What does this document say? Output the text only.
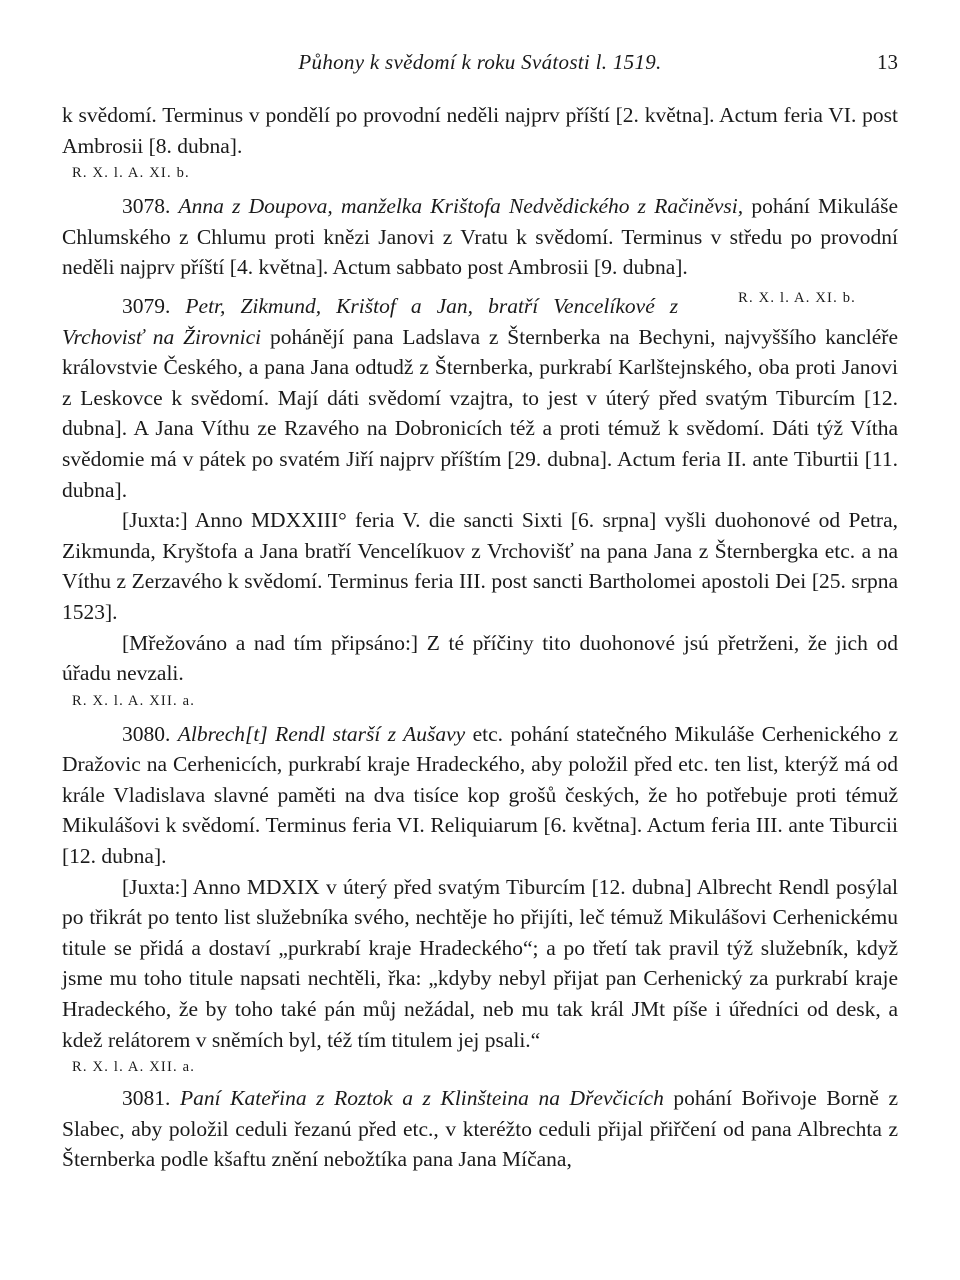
Půhony k svědomí k roku Svátosti l. 1519.	13

k svědomí. Terminus v pondělí po provodní neděli najprv příští [2. května]. Actum feria VI. post Ambrosii [8. dubna].

R. X. l. A. XI. b.

3078. Anna z Doupova, manželka Krištofa Nedvědického z Račiněvsi, pohání Mikuláše Chlumského z Chlumu proti knězi Janovi z Vratu k svědomí. Terminus v středu po provodní neděli najprv příští [4. května]. Actum sabbato post Ambrosii [9. dubna].
R. X. l. A. XI. b.

3079. Petr, Zikmund, Krištof a Jan, bratří Vencelíkové z Vrchovisť na Žirovnici pohánějí pana Ladslava z Šternberka na Bechyni, najvyššího kancléře královstvie Českého, a pana Jana odtudž z Šternberka, purkrabí Karlštejnského, oba proti Janovi z Leskovce k svědomí. Mají dáti svědomí vzajtra, to jest v úterý před svatým Tiburcím [12. dubna]. A Jana Víthu ze Rzavého na Dobronicích též a proti témuž k svědomí. Dáti týž Vítha svědomie má v pátek po svatém Jiří najprv příštím [29. dubna]. Actum feria II. ante Tiburtii [11. dubna].

[Juxta:] Anno MDXXIII° feria V. die sancti Sixti [6. srpna] vyšli duohonové od Petra, Zikmunda, Kryštofa a Jana bratří Vencelíkuov z Vrchovišť na pana Jana z Šternbergka etc. a na Víthu z Zerzavého k svědomí. Terminus feria III. post sancti Bartholomei apostoli Dei [25. srpna 1523].

[Mřežováno a nad tím připsáno:] Z té příčiny tito duohonové jsú přetrženi, že jich od úřadu nevzali.

R. X. l. A. XII. a.

3080. Albrech[t] Rendl starší z Aušavy etc. pohání statečného Mikuláše Cerhenického z Dražovic na Cerhenicích, purkrabí kraje Hradeckého, aby položil před etc. ten list, kterýž má od krále Vladislava slavné paměti na dva tisíce kop grošů českých, že ho potřebuje proti témuž Mikulášovi k svědomí. Terminus feria VI. Reliquiarum [6. května]. Actum feria III. ante Tiburcii [12. dubna].

[Juxta:] Anno MDXIX v úterý před svatým Tiburcím [12. dubna] Albrecht Rendl posýlal po třikrát po tento list služebníka svého, nechtěje ho přijíti, leč témuž Mikulášovi Cerhenickému titule se přidá a dostaví „purkrabí kraje Hradeckého“; a po třetí tak pravil týž služebník, když jsme mu toho titule napsati nechtěli, řka: „kdyby nebyl přijat pan Cerhenický za purkrabí kraje Hradeckého, že by toho také pán můj nežádal, neb mu tak král JMt píše i úředníci od desk, a kdež relátorem v sněmích byl, též tím titulem jej psali.“

R. X. l. A. XII. a.

3081. Paní Kateřina z Roztok a z Klinšteina na Dřevčicích pohání Bořivoje Borně z Slabec, aby položil ceduli řezanú před etc., v kteréžto ceduli přijal přiřčení od pana Albrechta z Šternberka podle kšaftu znění nebožtíka pana Jana Míčana,
